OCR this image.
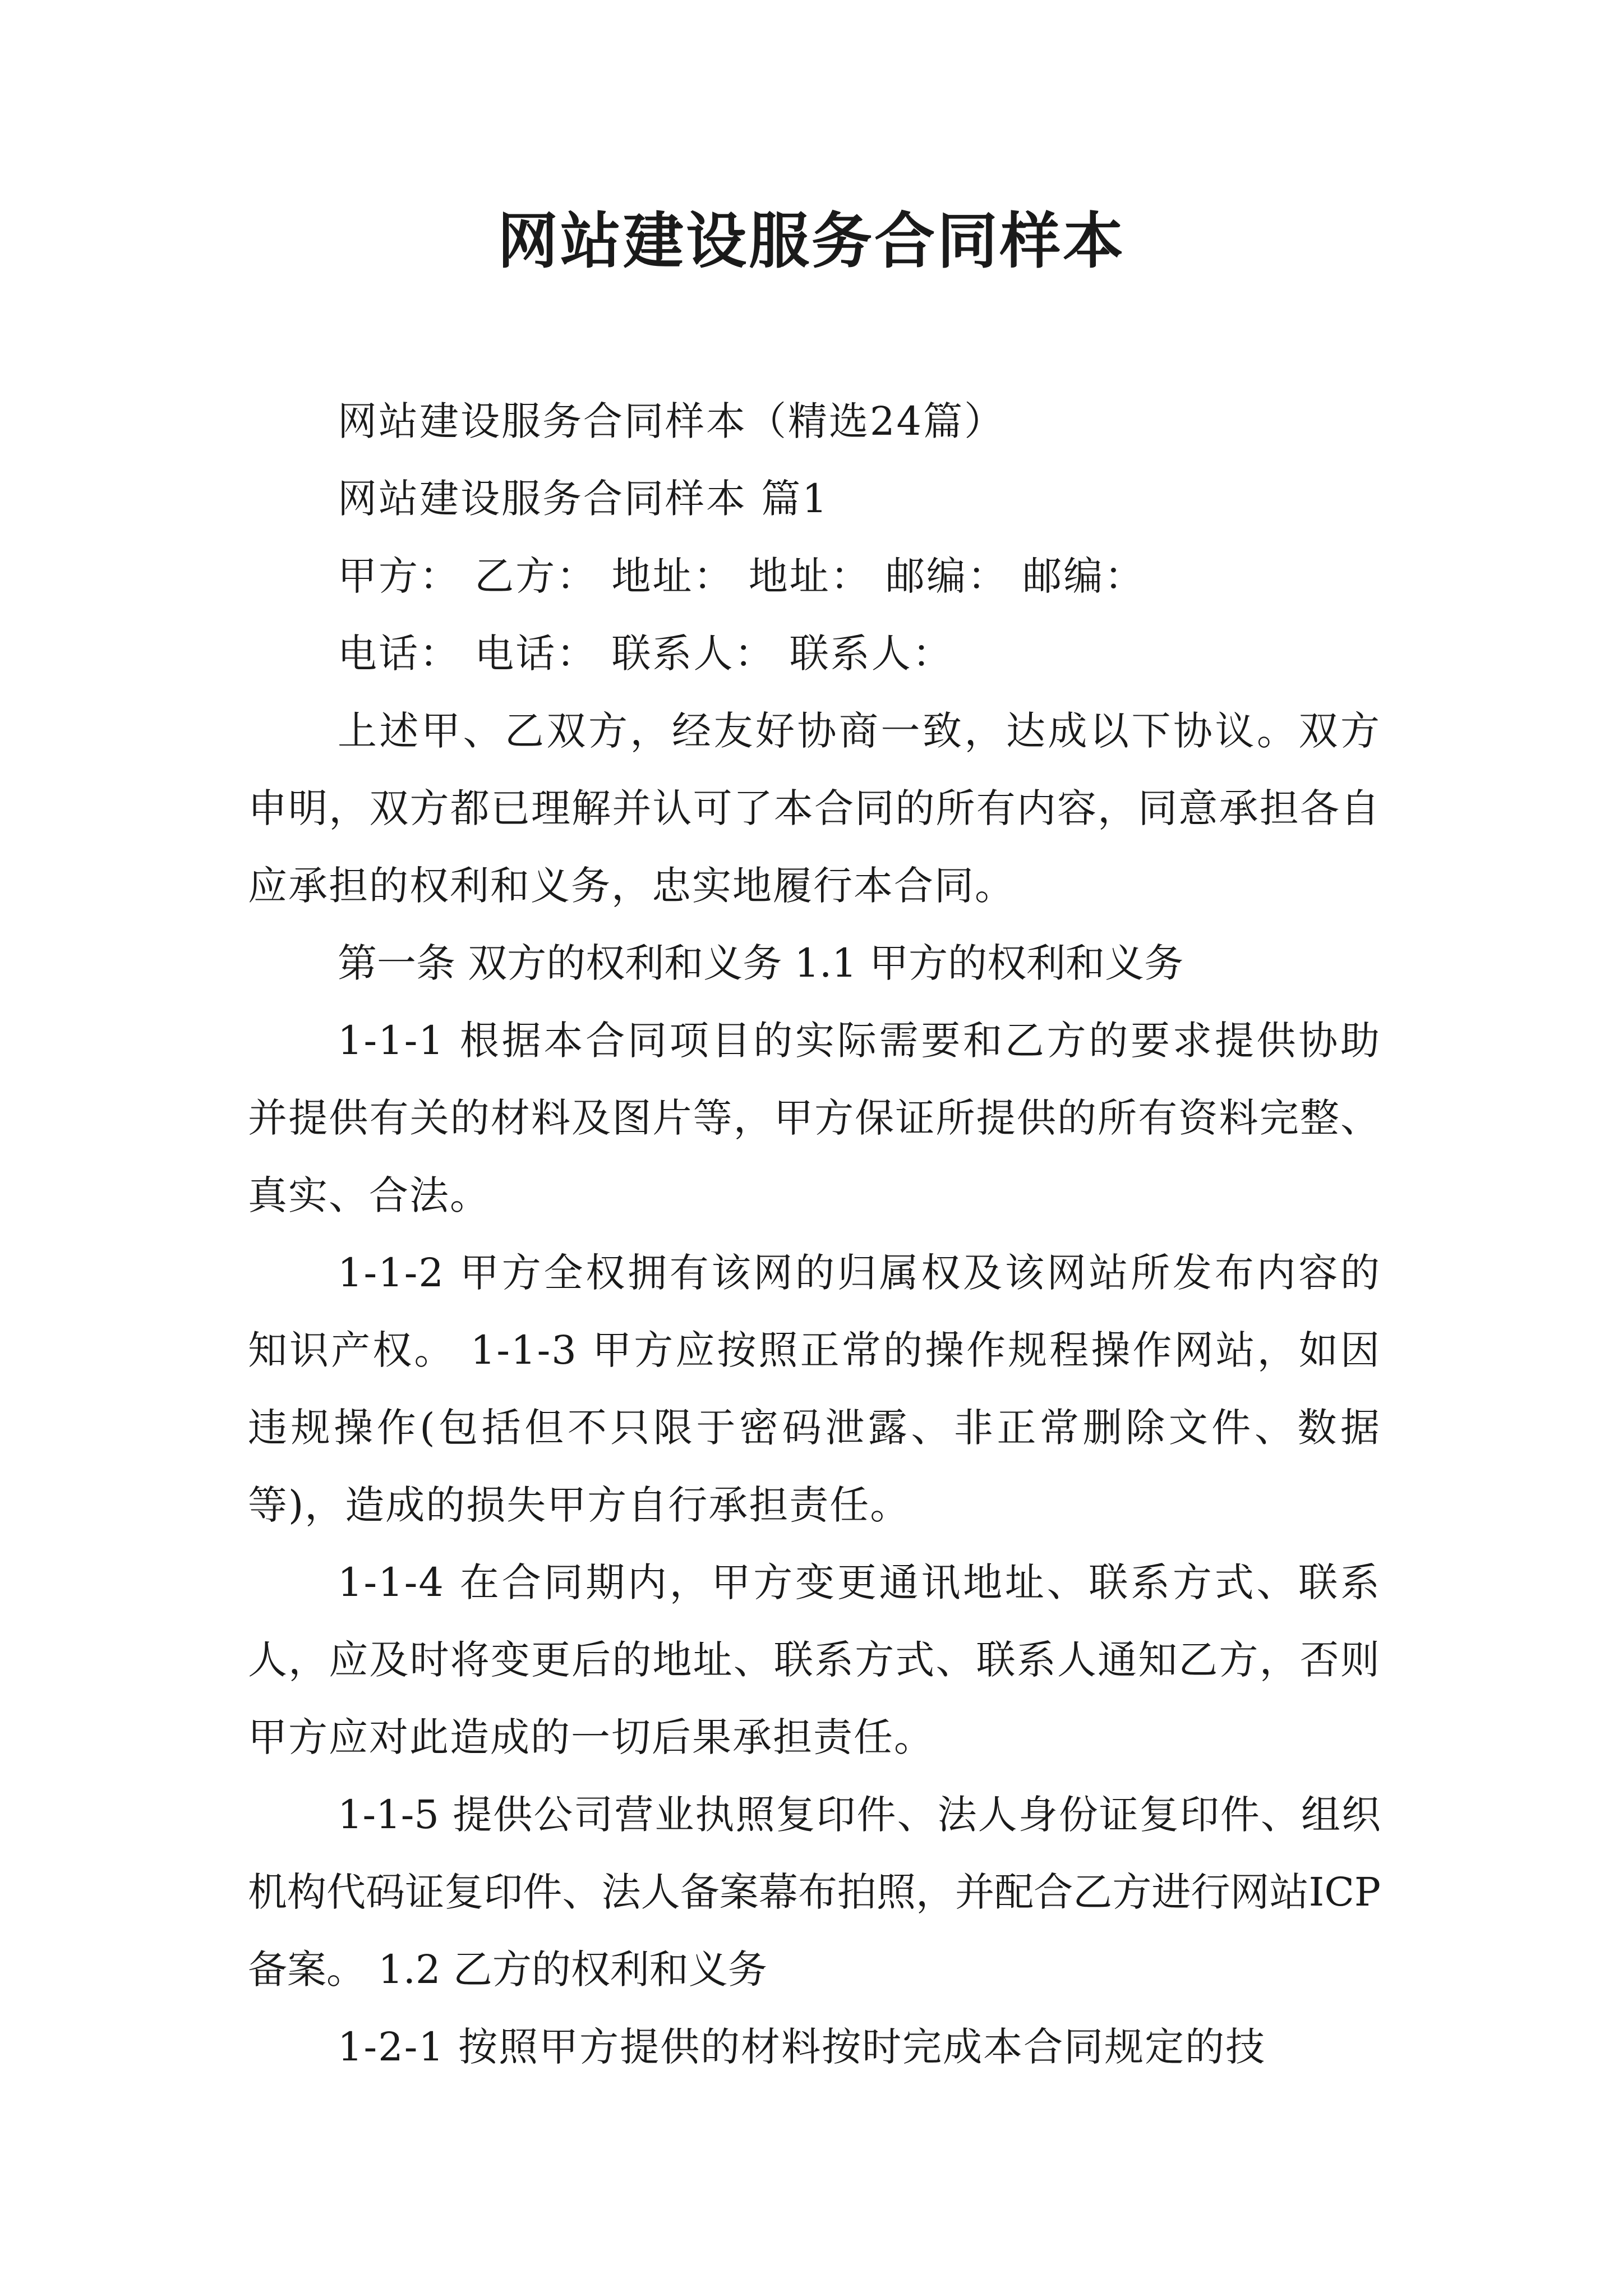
网站建设服务合同样本

网站建设服务合同样本（精选24篇）

网站建设服务合同样本 篇1

甲方： 乙方： 地址： 地址： 邮编： 邮编：

电话： 电话： 联系人： 联系人：

上述甲、乙双方，经友好协商一致，达成以下协议。双方申明，双方都已理解并认可了本合同的所有内容，同意承担各自应承担的权利和义务，忠实地履行本合同。

第一条 双方的权利和义务 1.1 甲方的权利和义务

1-1-1 根据本合同项目的实际需要和乙方的要求提供协助并提供有关的材料及图片等，甲方保证所提供的所有资料完整、真实、合法。

1-1-2 甲方全权拥有该网的归属权及该网站所发布内容的知识产权。 1-1-3 甲方应按照正常的操作规程操作网站，如因违规操作(包括但不只限于密码泄露、非正常删除文件、数据等)，造成的损失甲方自行承担责任。

1-1-4 在合同期内，甲方变更通讯地址、联系方式、联系人，应及时将变更后的地址、联系方式、联系人通知乙方，否则甲方应对此造成的一切后果承担责任。

1-1-5 提供公司营业执照复印件、法人身份证复印件、组织机构代码证复印件、法人备案幕布拍照，并配合乙方进行网站ICP备案。 1.2 乙方的权利和义务

1-2-1 按照甲方提供的材料按时完成本合同规定的技
